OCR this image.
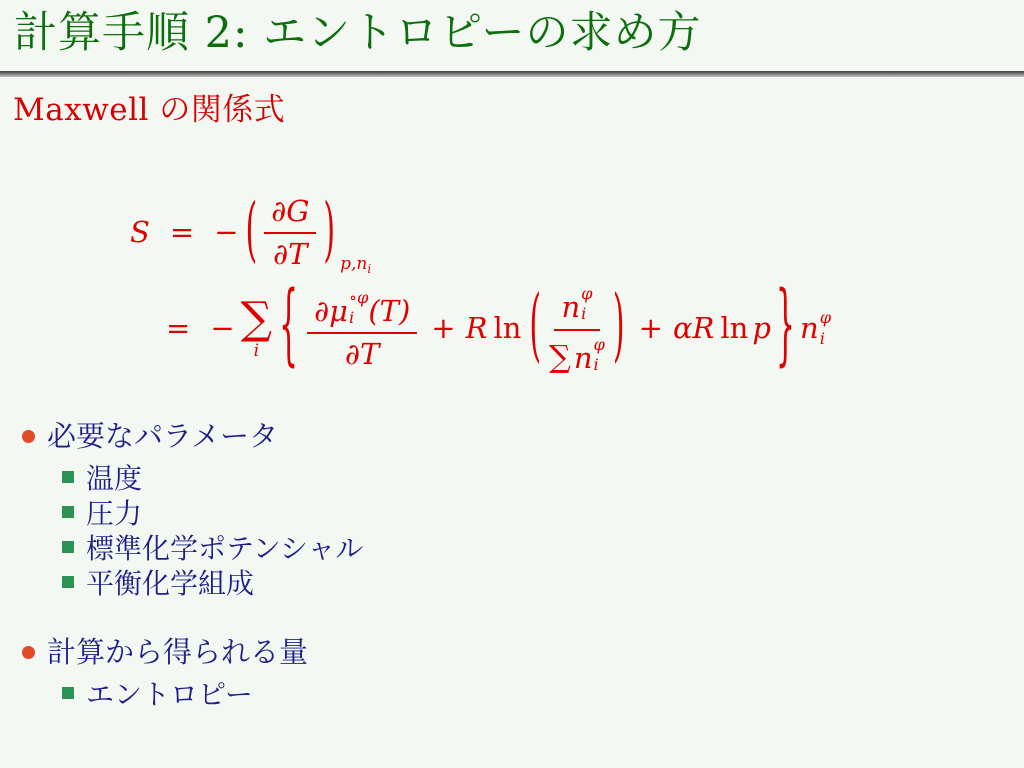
計算手順 2: エントロピーの求め方
Maxwell の関係式
S = − ( $\frac{\partial G}{\partial T}$ ) $p,n_i$
= − ∑
i { ∂μ ∘φ
i (T)
∂T + R ln ( n φ
i
∑ n φ
i ) + αR ln p } n φ
i
必要なパラメータ
温度
圧力
標準化学ポテンシャル
平衡化学組成
計算から得られる量
エントロピー
